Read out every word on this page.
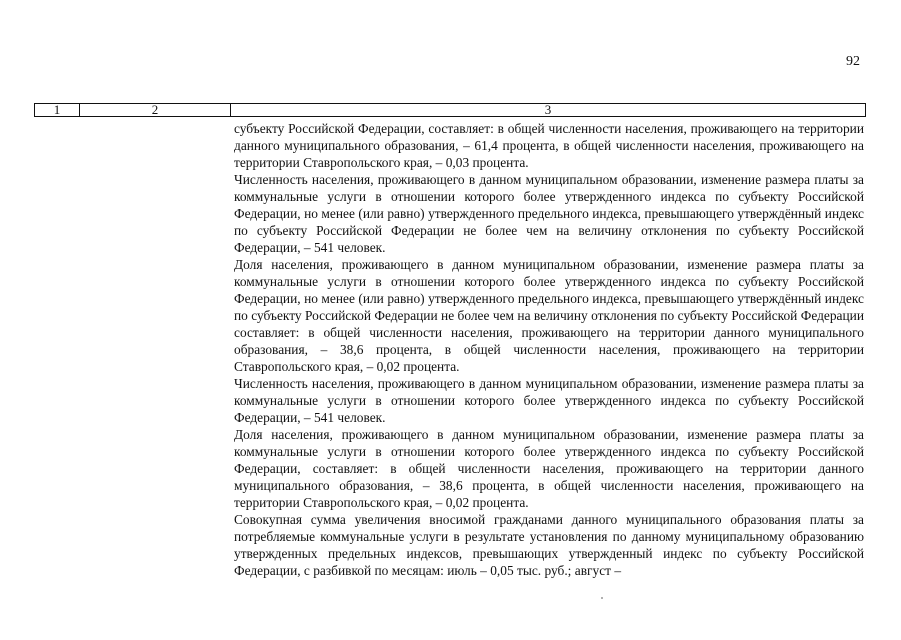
92
1	2	3

субъекту Российской Федерации, составляет: в общей численности населения, проживающего на территории данного муниципального образования, – 61,4 процента, в общей численности населения, проживающего на территории Ставропольского края, – 0,03 процента.

Численность населения, проживающего в данном муниципальном образовании, изменение размера платы за коммунальные услуги в отношении которого более утвержденного индекса по субъекту Российской Федерации, но менее (или равно) утвержденного предельного индекса, превышающего утверждённый индекс по субъекту Российской Федерации не более чем на величину отклонения по субъекту Российской Федерации, – 541 человек.

Доля населения, проживающего в данном муниципальном образовании, изменение размера платы за коммунальные услуги в отношении которого более утвержденного индекса по субъекту Российской Федерации, но менее (или равно) утвержденного предельного индекса, превышающего утверждённый индекс по субъекту Российской Федерации не более чем на величину отклонения по субъекту Российской Федерации составляет: в общей численности населения, проживающего на территории данного муниципального образования, – 38,6 процента, в общей численности населения, проживающего на территории Ставропольского края, – 0,02 процента.

Численность населения, проживающего в данном муниципальном образовании, изменение размера платы за коммунальные услуги в отношении которого более утвержденного индекса по субъекту Российской Федерации, – 541 человек.

Доля населения, проживающего в данном муниципальном образовании, изменение размера платы за коммунальные услуги в отношении которого более утвержденного индекса по субъекту Российской Федерации, составляет: в общей численности населения, проживающего на территории данного муниципального образования, – 38,6 процента, в общей численности населения, проживающего на территории Ставропольского края, – 0,02 процента.

Совокупная сумма увеличения вносимой гражданами данного муниципального образования платы за потребляемые коммунальные услуги в результате установления по данному муниципальному образованию утвержденных предельных индексов, превышающих утвержденный индекс по субъекту Российской Федерации, с разбивкой по месяцам: июль – 0,05 тыс. руб.; август –
